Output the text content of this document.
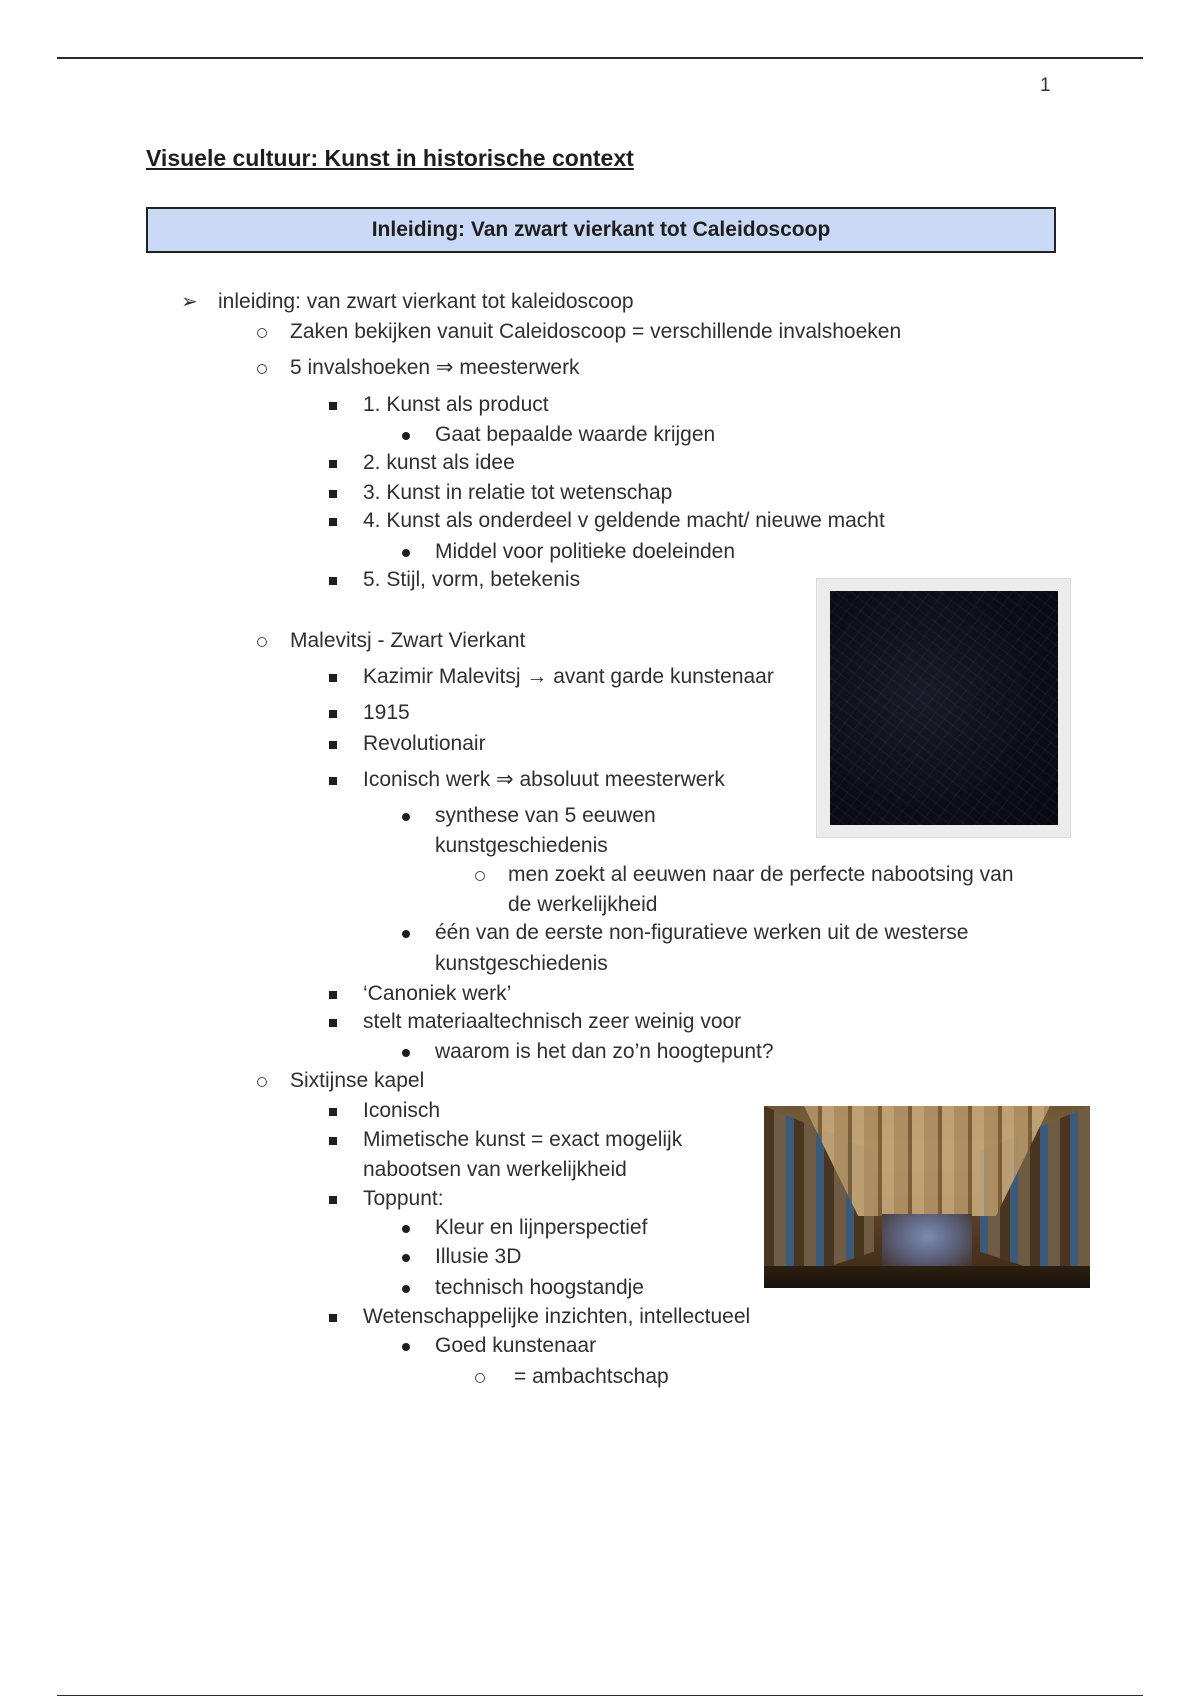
1
Visuele cultuur: Kunst in historische context
Inleiding: Van zwart vierkant tot Caleidoscoop
➢ inleiding: van zwart vierkant tot kaleidoscoop
Zaken bekijken vanuit Caleidoscoop = verschillende invalshoeken
5 invalshoeken ⇒ meesterwerk
1. Kunst als product
Gaat bepaalde waarde krijgen
2. kunst als idee
3. Kunst in relatie tot wetenschap
4. Kunst als onderdeel v geldende macht/ nieuwe macht
Middel voor politieke doeleinden
5. Stijl, vorm, betekenis
Malevitsj - Zwart Vierkant
Kazimir Malevitsj → avant garde kunstenaar
1915
Revolutionair
Iconisch werk ⇒ absoluut meesterwerk
synthese van 5 eeuwen
kunstgeschiedenis
men zoekt al eeuwen naar de perfecte nabootsing van
de werkelijkheid
één van de eerste non-figuratieve werken uit de westerse
kunstgeschiedenis
‘Canoniek werk’
stelt materiaaltechnisch zeer weinig voor
waarom is het dan zo’n hoogtepunt?
Sixtijnse kapel
Iconisch
Mimetische kunst = exact mogelijk
nabootsen van werkelijkheid
Toppunt:
Kleur en lijnperspectief
Illusie 3D
technisch hoogstandje
Wetenschappelijke inzichten, intellectueel
Goed kunstenaar
= ambachtschap
